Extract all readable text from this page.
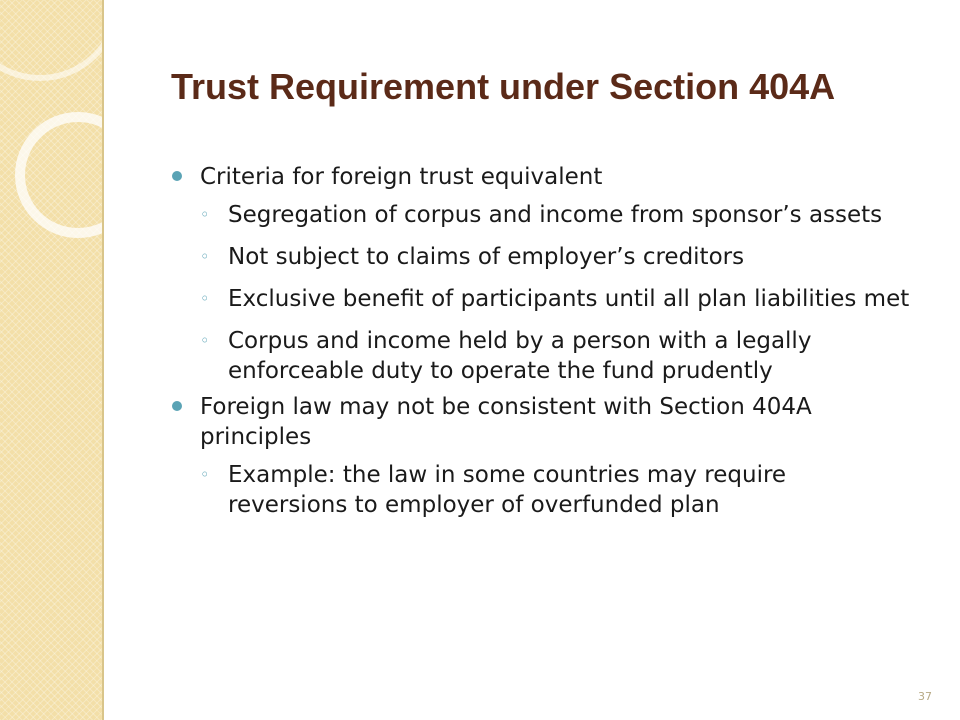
Trust Requirement under Section 404A
Criteria for foreign trust equivalent
◦ Segregation of corpus and income from sponsor’s assets
◦ Not subject to claims of employer’s creditors
◦ Exclusive benefit of participants until all plan liabilities met
◦ Corpus and income held by a person with a legally enforceable duty to operate the fund prudently
Foreign law may not be consistent with Section 404A principles
◦ Example: the law in some countries may require reversions to employer of overfunded plan
37
